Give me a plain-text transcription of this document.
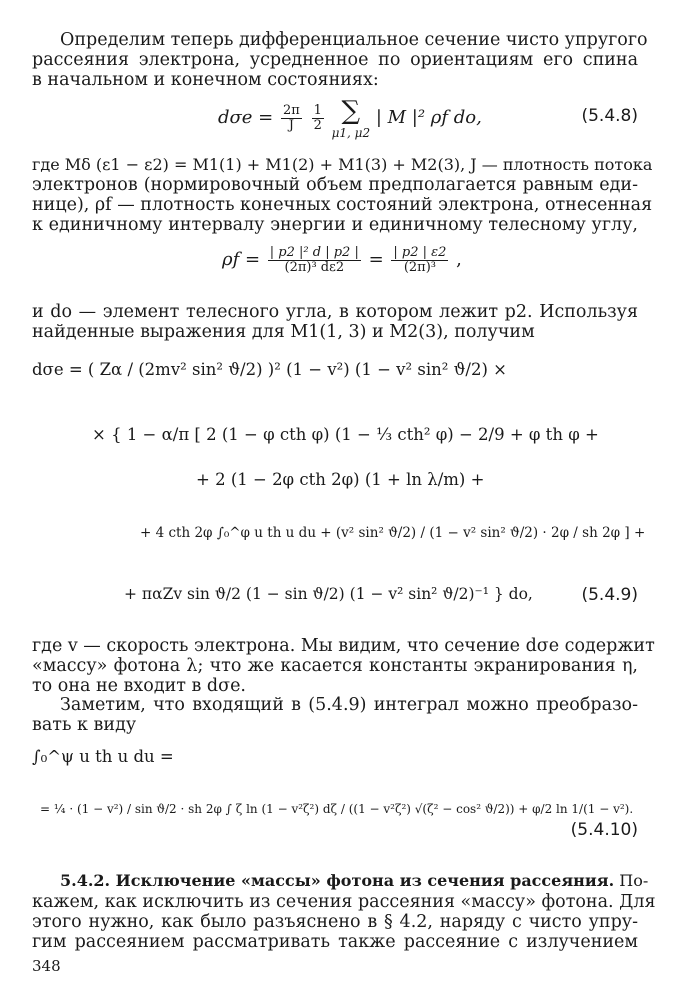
Определим теперь дифференциальное сечение чисто упругого
рассеяния электрона, усредненное по ориентациям его спина
в начальном и конечном состояниях:
$d\sigma e = \frac{2\pi}{J}$
$\frac{1}{2}$
∑
μ1, μ2
| M |² ρf do,	(5.4.8)
где Mδ (ε1 − ε2) = M1(1) + M1(2) + M1(3) + M2(3), J — плотность потока
электронов (нормировочный объем предполагается равным еди-
нице), ρf — плотность конечных состояний электрона, отнесенная
к единичному интервалу энергии и единичному телесному углу,
$\rho f = \frac{\text{| p2 |² d | p2 |}}{\text{(2π)³ dε2}} = \frac{| p2 | \varepsilon 2}{\text{(2π)³}}$ ,
и do — элемент телесного угла, в котором лежит p2. Используя
найденные выражения для M1(1, 3) и M2(3), получим
dσe = ( Zα / (2mv² sin² ϑ/2) )² (1 − v²) (1 − v² sin² ϑ/2) ×
× { 1 − α/π [ 2 (1 − φ cth φ) (1 − ⅓ cth² φ) − 2/9 + φ th φ +
+ 2 (1 − 2φ cth 2φ) (1 + ln λ/m) +
+ 4 cth 2φ ∫₀^φ u th u du + (v² sin² ϑ/2) / (1 − v² sin² ϑ/2) · 2φ / sh 2φ ] +
+ παZv sin ϑ/2 (1 − sin ϑ/2) (1 − v² sin² ϑ/2)⁻¹ } do,	(5.4.9)
где v — скорость электрона. Мы видим, что сечение dσe содержит
«массу» фотона λ; что же касается константы экранирования η,
то она не входит в dσe.
Заметим, что входящий в (5.4.9) интеграл можно преобразо-
вать к виду
∫₀^ψ u th u du =
= ¼ · (1 − v²) / sin ϑ/2 · sh 2φ ∫ ζ ln (1 − v²ζ²) dζ / ((1 − v²ζ²) √(ζ² − cos² ϑ/2)) + φ/2 ln 1/(1 − v²).
(5.4.10)
5.4.2. Исключение «массы» фотона из сечения рассеяния. По-
кажем, как исключить из сечения рассеяния «массу» фотона. Для
этого нужно, как было разъяснено в § 4.2, наряду с чисто упру-
гим рассеянием рассматривать также рассеяние с излучением
348
